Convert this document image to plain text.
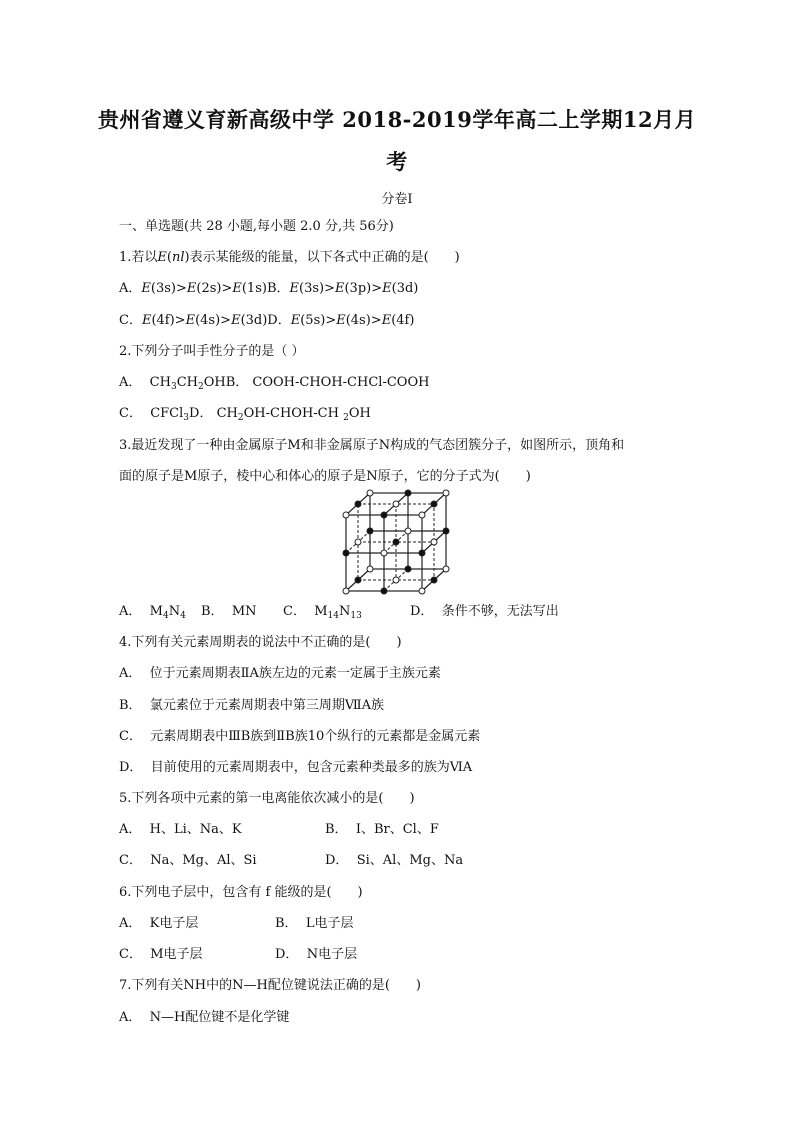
贵州省遵义育新高级中学 2018-2019学年高二上学期12月月
考
分卷I
一、单选题(共 28 小题,每小题 2.0 分,共 56分)
1.若以E(nl)表示某能级的能量，以下各式中正确的是(　　)
A．E(3s)>E(2s)>E(1s)B．E(3s)>E(3p)>E(3d)
C．E(4f)>E(4s)>E(3d)D．E(5s)>E(4s)>E(4f)
2.下列分子叫手性分子的是（ ）
A． $CH_3CH_2OHB$． COOH-CHOH-CHCl-COOH
C． CFCl$_3$D． $CH_2OH-CHOH-CH$ $_2$OH
3.最近发现了一种由金属原子M和非金属原子N构成的气态团簇分子，如图所示，顶角和
面的原子是M原子，棱中心和体心的原子是N原子，它的分子式为(　　)
A． $M_4N_4$ B． MN C． $M_{14}N_{13}$	D． 条件不够，无法写出
4.下列有关元素周期表的说法中不正确的是(　　)
A． 位于元素周期表ⅡA族左边的元素一定属于主族元素
B． 氯元素位于元素周期表中第三周期ⅦA族
C． 元素周期表中ⅢB族到ⅡB族10个纵行的元素都是金属元素
D． 目前使用的元素周期表中，包含元素种类最多的族为ⅥA
5.下列各项中元素的第一电离能依次减小的是(　　)
A． H、Li、Na、K	B． I、Br、Cl、F
C． Na、Mg、Al、Si	D． Si、Al、Mg、Na
6.下列电子层中，包含有 f 能级的是(　　)
A． K电子层	B． L电子层
C． M电子层	D． N电子层
7.下列有关NH中的N—H配位键说法正确的是(　　)
A． N—H配位键不是化学键
